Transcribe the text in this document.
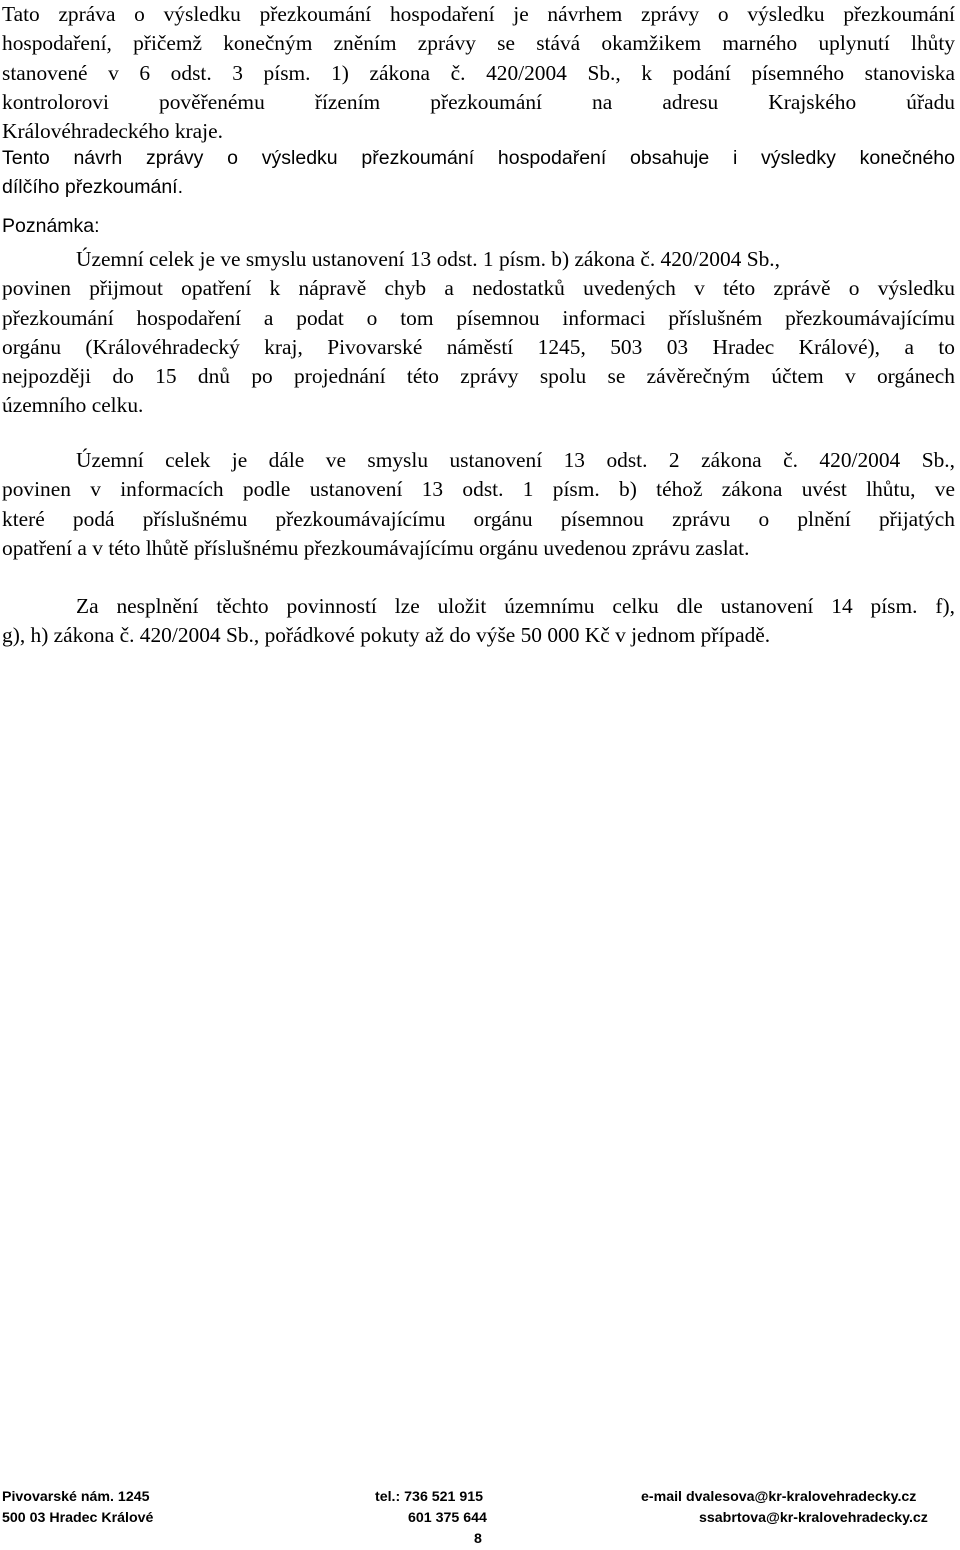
Tato zpráva o výsledku přezkoumání hospodaření je návrhem zprávy o výsledku přezkoumání
hospodaření, přičemž konečným zněním zprávy se stává okamžikem marného uplynutí lhůty
stanovené v 6 odst. 3 písm. 1) zákona č. 420/2004 Sb., k podání písemného stanoviska
kontrolorovi pověřenému řízením přezkoumání na adresu Krajského úřadu
Královéhradeckého kraje.
Tento návrh zprávy o výsledku přezkoumání hospodaření obsahuje i výsledky konečného
dílčího přezkoumání.
Poznámka:
Územní celek je ve smyslu ustanovení 13 odst. 1 písm. b) zákona č. 420/2004 Sb.,
povinen přijmout opatření k nápravě chyb a nedostatků uvedených v této zprávě o výsledku
přezkoumání hospodaření a podat o tom písemnou informaci příslušném přezkoumávajícímu
orgánu (Královéhradecký kraj, Pivovarské náměstí 1245, 503 03 Hradec Králové), a to
nejpozději do 15 dnů po projednání této zprávy spolu se závěrečným účtem v orgánech
územního celku.
Územní celek je dále ve smyslu ustanovení 13 odst. 2 zákona č. 420/2004 Sb.,
povinen v informacích podle ustanovení 13 odst. 1 písm. b) téhož zákona uvést lhůtu, ve
které podá příslušnému přezkoumávajícímu orgánu písemnou zprávu o plnění přijatých
opatření a v této lhůtě příslušnému přezkoumávajícímu orgánu uvedenou zprávu zaslat.
Za nesplnění těchto povinností lze uložit územnímu celku dle ustanovení 14 písm. f),
g), h) zákona č. 420/2004 Sb., pořádkové pokuty až do výše 50 000 Kč v jednom případě.
Pivovarské nám. 1245
500 03 Hradec Králové
tel.: 736 521 915
601 375 644
e-mail dvalesova@kr-kralovehradecky.cz
ssabrtova@kr-kralovehradecky.cz
8
